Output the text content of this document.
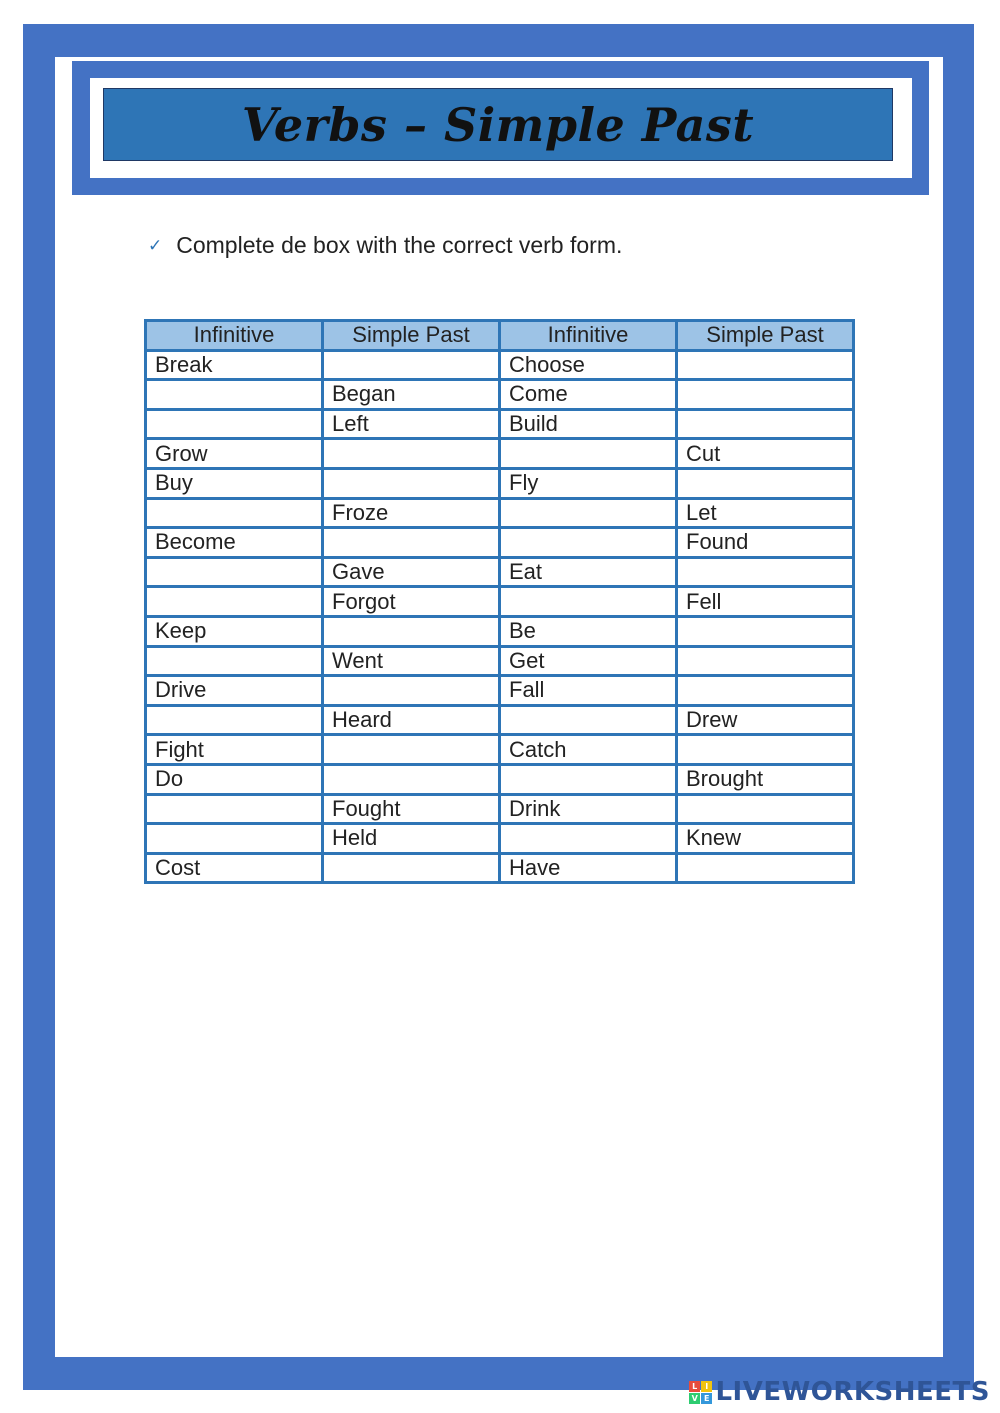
Verbs – Simple Past
✓ Complete de box with the correct verb form.
Infinitive	Simple Past	Infinitive	Simple Past
Break		Choose	
	Began	Come	
	Left	Build	
Grow			Cut
Buy		Fly	
	Froze		Let
Become			Found
	Gave	Eat	
	Forgot		Fell
Keep		Be	
	Went	Get	
Drive		Fall	
	Heard		Drew
Fight		Catch	
Do			Brought
	Fought	Drink	
	Held		Knew
Cost		Have	
L I
V E LIVEWORKSHEETS
